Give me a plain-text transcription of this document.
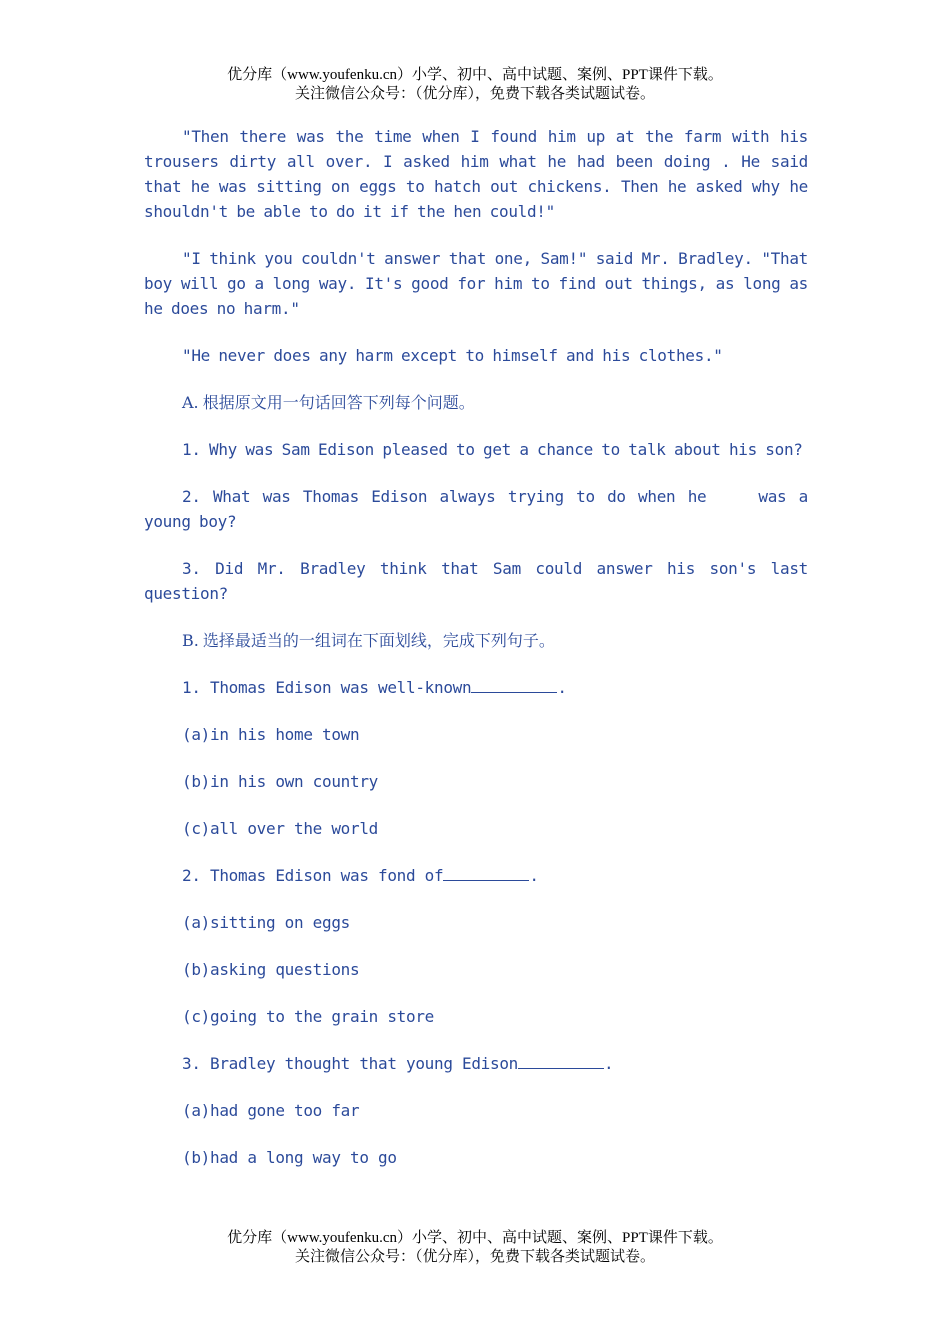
优分库（www.youfenku.cn）小学、初中、高中试题、案例、PPT课件下载。
关注微信公众号：（优分库），免费下载各类试题试卷。

"Then there was the time when I found him up at the farm with his trousers dirty all over. I asked him what he had been doing . He said that he was sitting on eggs to hatch out chickens. Then he asked why he shouldn't be able to do it if the hen could!"

"I think you couldn't answer that one, Sam!" said Mr. Bradley. "That boy will go a long way. It's good for him to find out things, as long as he does no harm."

"He never does any harm except to himself and his clothes."

A. 根据原文用一句话回答下列每个问题。

1. Why was Sam Edison pleased to get a chance to talk about his son?

2. What was Thomas Edison always trying to do when he	was a young boy?

3. Did Mr. Bradley think that Sam could answer his son's last question?

B. 选择最适当的一组词在下面划线，完成下列句子。

1. Thomas Edison was well-known	.
(a)in his home town
(b)in his own country
(c)all over the world
2. Thomas Edison was fond of	.
(a)sitting on eggs
(b)asking questions
(c)going to the grain store
3. Bradley thought that young Edison	.
(a)had gone too far
(b)had a long way to go
优分库（www.youfenku.cn）小学、初中、高中试题、案例、PPT课件下载。
关注微信公众号：（优分库），免费下载各类试题试卷。
